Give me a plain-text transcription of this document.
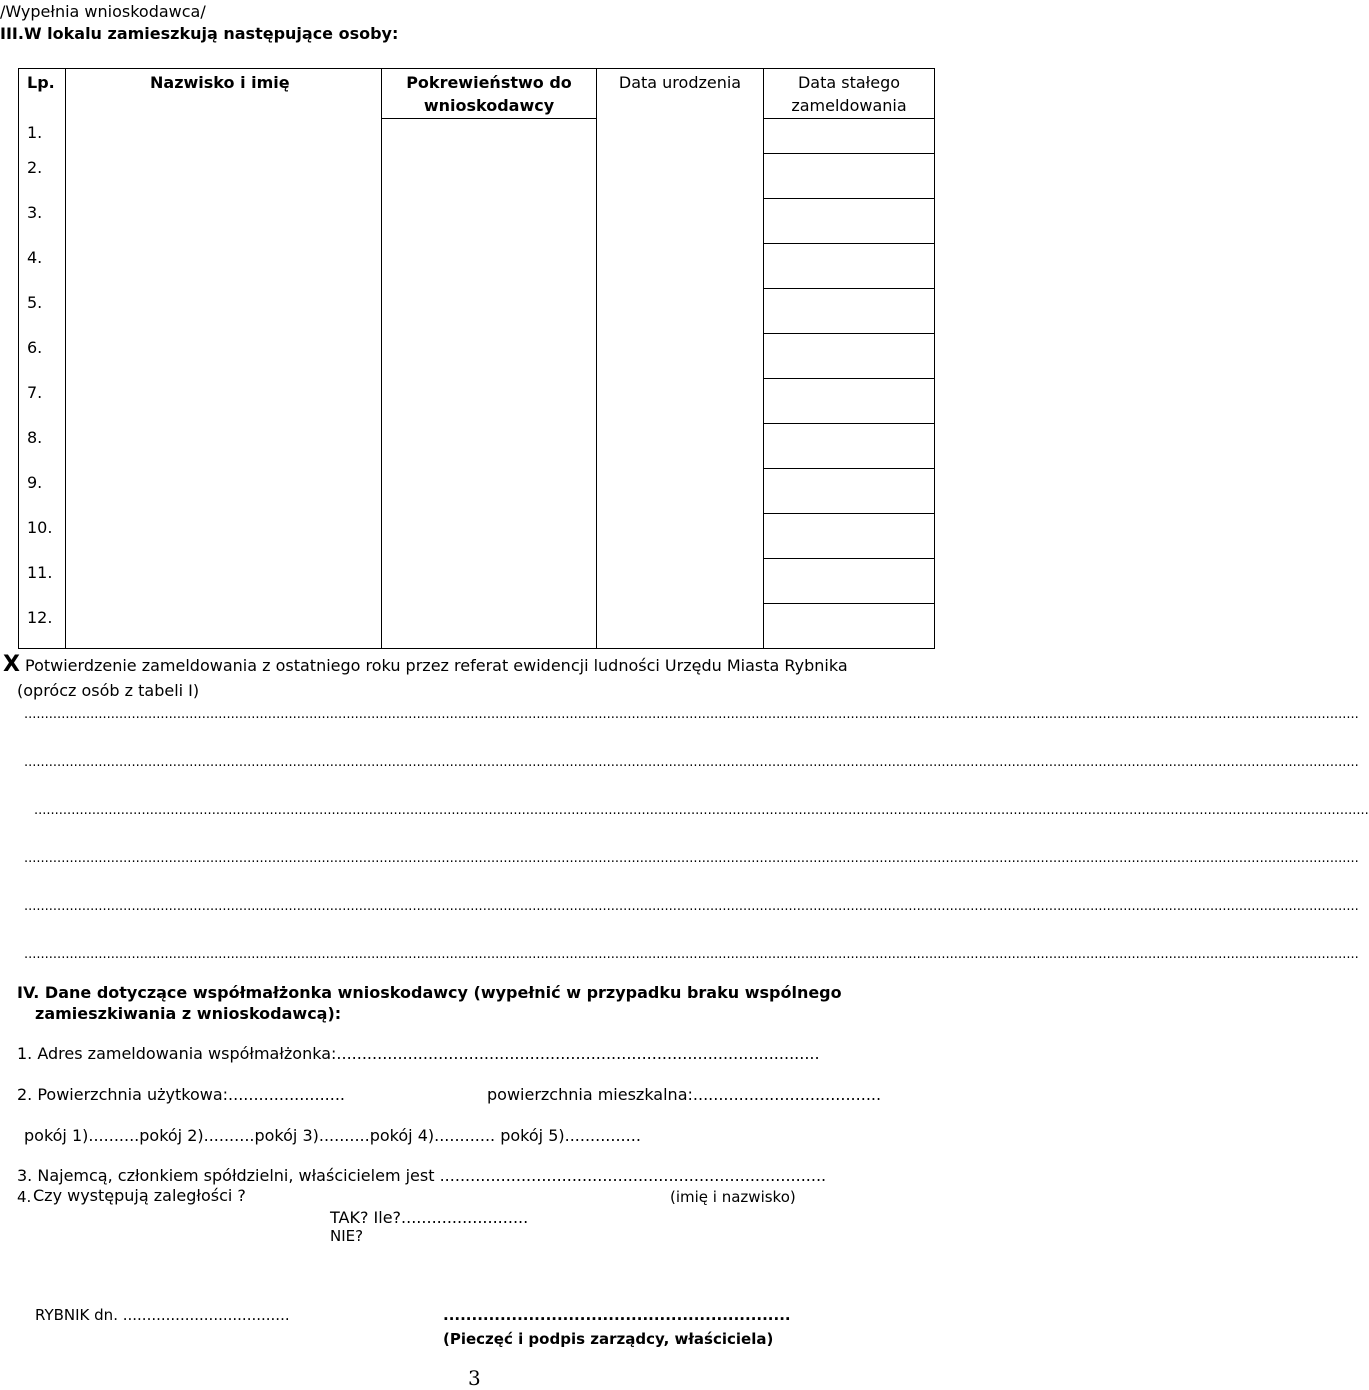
/Wypełnia wnioskodawca/
III.W lokalu zamieszkują następujące osoby:
Lp.	Nazwisko i imię	Pokrewieństwo do wnioskodawcy	Data urodzenia	Data stałego zameldowania

1.				
2.				
3.				
4.				
5.				
6.				
7.				
8.				
9.				
10.				
11.				
12.				
X Potwierdzenie zameldowania z ostatniego roku przez referat ewidencji ludności Urzędu Miasta Rybnika
(oprócz osób z tabeli I)
...................................................................................................................................................................................................................................................................................................................................
...................................................................................................................................................................................................................................................................................................................................
...................................................................................................................................................................................................................................................................................................................................
...................................................................................................................................................................................................................................................................................................................................
...................................................................................................................................................................................................................................................................................................................................
...................................................................................................................................................................................................................................................................................................................................
IV. Dane dotyczące współmałżonka wnioskodawcy (wypełnić w przypadku braku wspólnego
zamieszkiwania z wnioskodawcą):
1. Adres zameldowania współmałżonka:...............................................................................................
2. Powierzchnia użytkowa:.......................	powierzchnia mieszkalna:.....................................
pokój 1)..........pokój 2)..........pokój 3)..........pokój 4)............ pokój 5)...............
3. Najemcą, członkiem spółdzielni, właścicielem jest ............................................................................
4. Czy występują zaległości ?	(imię i nazwisko)
TAK? Ile?.........................
NIE?
RYBNIK dn. ...................................	.............................................................
(Pieczęć i podpis zarządcy, właściciela)
3
